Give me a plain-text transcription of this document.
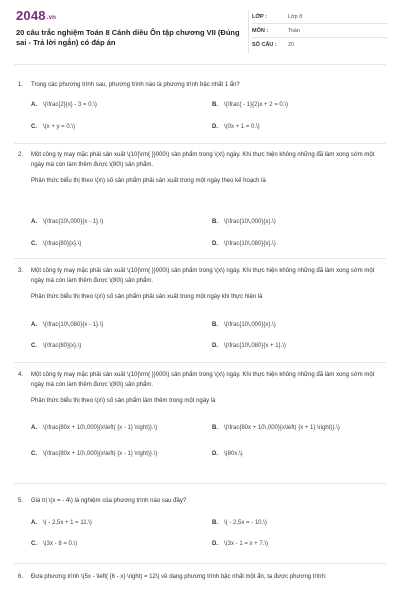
2048.vn
20 câu trắc nghiệm Toán 8 Cánh diều Ôn tập chương VII (Đúng sai - Trả lời ngắn) có đáp án
LỚP :	Lớp 8
MÔN :	Toán
SỐ CÂU :	20
1.	Trong các phương trình sau, phương trình nào là phương trình bậc nhất 1 ẩn?

A.	\(\frac{2}{x} - 3 = 0.\)	B.	\(\frac{ - 1}{2}x + 2 = 0.\)
C.	\(x + y = 0.\)	D.	\(0x + 1 = 0.\)
2.	Một công ty may mặc phải sản xuất \(10{\rm{ }}000\) sản phẩm trong \(x\) ngày. Khi thực hiện không những đã làm xong sớm một ngày mà còn làm thêm được \(80\) sản phẩm.

Phân thức biểu thị theo \(x\) số sản phẩm phải sản xuất trong một ngày theo kế hoạch là

A.	\(\frac{10\,000}{x - 1}.\)	B.	\(\frac{10\,000}{x}.\)
C.	\(\frac{80}{x}.\)	D.	\(\frac{10\,080}{x}.\)
3.	Một công ty may mặc phải sản xuất \(10{\rm{ }}000\) sản phẩm trong \(x\) ngày. Khi thực hiện không những đã làm xong sớm một ngày mà còn làm thêm được \(80\) sản phẩm.

Phân thức biểu thị theo \(x\) số sản phẩm phải sản xuất trong một ngày khi thực hiện là

A.	\(\frac{10\,080}{x - 1}.\)	B.	\(\frac{10\,000}{x}.\)
C.	\(\frac{80}{x}.\)	D.	\(\frac{10\,080}{x + 1}.\)
4.	Một công ty may mặc phải sản xuất \(10{\rm{ }}000\) sản phẩm trong \(x\) ngày. Khi thực hiện không những đã làm xong sớm một ngày mà còn làm thêm được \(80\) sản phẩm.

Phân thức biểu thị theo \(x\) số sản phẩm làm thêm trong một ngày là

A.	\(\frac{80x + 10\,000}{x\left( {x - 1} \right)}.\)	B.	\(\frac{80x + 10\,000}{x\left( {x + 1} \right)}.\)
C.	\(\frac{80x + 10\,000}{x\left( {x - 1} \right)}.\)	D.	\(80x.\)
5.	Giá trị \(x = - 4\) là nghiệm của phương trình nào sau đây?

A.	\( - 2,5x + 1 = 11.\)	B.	\( - 2,5x = - 10.\)
C.	\(3x - 8 = 0.\)	D.	\(3x - 1 = x + 7.\)
6.	Đưa phương trình \(5x - \left( {6 - x} \right) = 12\) về dạng phương trình bậc nhất một ẩn, ta được phương trình:
